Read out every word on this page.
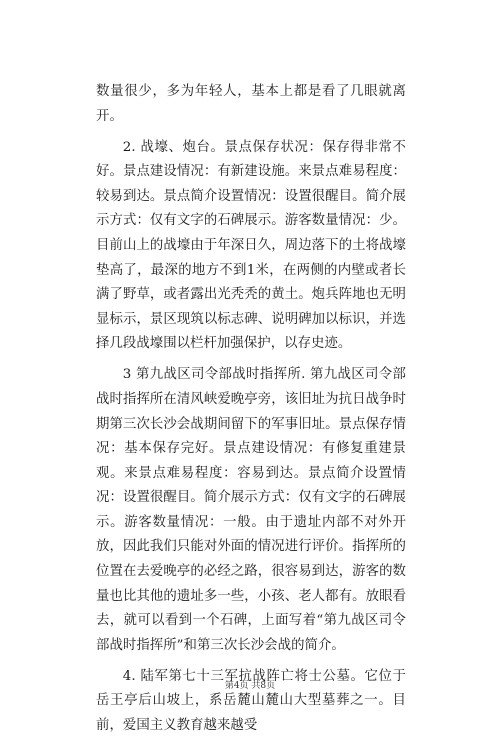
数量很少，多为年轻人，基本上都是看了几眼就离开。

2. 战壕、炮台。景点保存状况：保存得非常不好。景点建设情况：有新建设施。来景点难易程度：较易到达。景点简介设置情况：设置很醒目。简介展示方式：仅有文字的石碑展示。游客数量情况：少。目前山上的战壕由于年深日久，周边落下的土将战壕垫高了，最深的地方不到1米，在两侧的内壁或者长满了野草，或者露出光秃秃的黄土。炮兵阵地也无明显标示，景区现筑以标志碑、说明碑加以标识，并选择几段战壕围以栏杆加强保护，以存史迹。

3 第九战区司令部战时指挥所. 第九战区司令部战时指挥所在清风峡爱晚亭旁，该旧址为抗日战争时期第三次长沙会战期间留下的军事旧址。景点保存情况：基本保存完好。景点建设情况：有修复重建景观。来景点难易程度：容易到达。景点简介设置情况：设置很醒目。简介展示方式：仅有文字的石碑展示。游客数量情况：一般。由于遗址内部不对外开放，因此我们只能对外面的情况进行评价。指挥所的位置在去爱晚亭的必经之路，很容易到达，游客的数量也比其他的遗址多一些，小孩、老人都有。放眼看去，就可以看到一个石碑，上面写着“第九战区司令部战时指挥所”和第三次长沙会战的简介。

4. 陆军第七十三军抗战阵亡将士公墓。它位于岳王亭后山坡上，系岳麓山麓山大型墓葬之一。目前，爱国主义教育越来越受

第4页 共8页
